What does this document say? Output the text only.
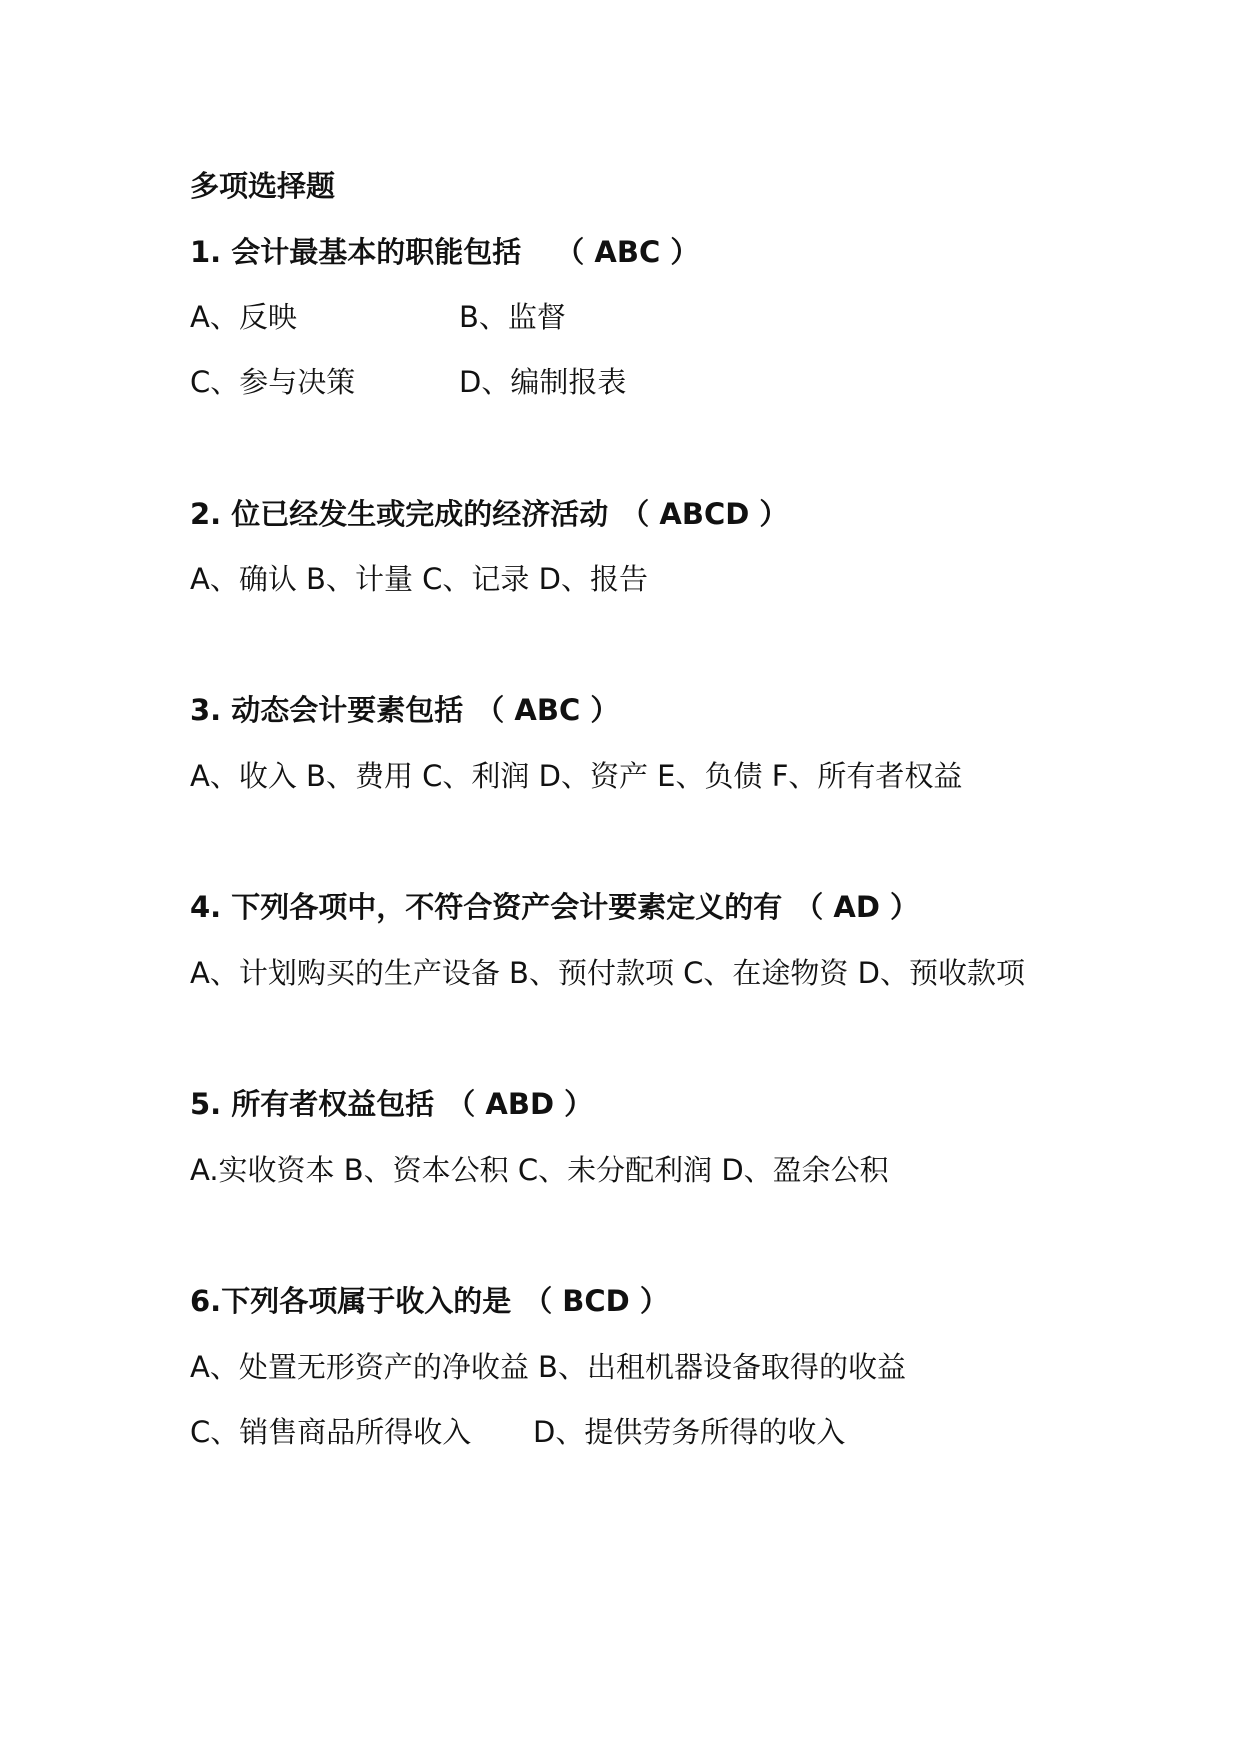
多项选择题
1. 会计最基本的职能包括 （ ABC ）
A、反映	B、监督
C、参与决策	D、编制报表
2. 位已经发生或完成的经济活动 （ ABCD ）
A、确认 B、计量 C、记录 D、报告
3. 动态会计要素包括 （ ABC ）
A、收入 B、费用 C、利润 D、资产 E、负债 F、所有者权益
4. 下列各项中，不符合资产会计要素定义的有 （ AD ）
A、计划购买的生产设备 B、预付款项 C、在途物资 D、预收款项
5. 所有者权益包括 （ ABD ）
A.实收资本 B、资本公积 C、未分配利润 D、盈余公积
6.下列各项属于收入的是 （ BCD ）
A、处置无形资产的净收益 B、出租机器设备取得的收益
C、销售商品所得收入 D、提供劳务所得的收入
